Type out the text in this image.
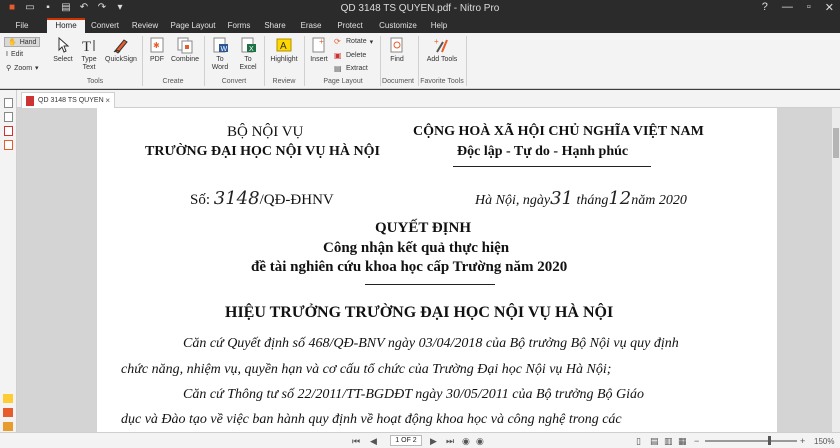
■ ▭	▪	▤ ↶ ↷	▾	QD 3148 TS QUYEN.pdf - Nitro Pro	? — ▫ ✕
File	Home	Convert	Review	Page Layout	Forms	Share	Erase	Protect	Customize	Help
✋ Hand
I Edit
⚲ Zoom ▾
Select
T
Type Text
QuickSign
Tools
✱
PDF Combine
Create
W
To Word
X
To Excel
Convert
A
Highlight
Review
+
Insert
⟳ Rotate ▾
▣ Delete
▤ Extract
Page Layout
Find
Document
+
Add Tools
Favorite Tools
QD 3148 TS QUYEN ×
BỘ NỘI VỤ
TRƯỜNG ĐẠI HỌC NỘI VỤ HÀ NỘI
CỘNG HOÀ XÃ HỘI CHỦ NGHĨA VIỆT NAM
Độc lập - Tự do - Hạnh phúc
Số: 3148/QĐ-ĐHNV	Hà Nội, ngày31 tháng12năm 2020
QUYẾT ĐỊNH
Công nhận kết quả thực hiện
đề tài nghiên cứu khoa học cấp Trường năm 2020
HIỆU TRƯỞNG TRƯỜNG ĐẠI HỌC NỘI VỤ HÀ NỘI
Căn cứ Quyết định số 468/QĐ-BNV ngày 03/04/2018 của Bộ trưởng Bộ Nội vụ quy định
chức năng, nhiệm vụ, quyền hạn và cơ cấu tổ chức của Trường Đại học Nội vụ Hà Nội;
Căn cứ Thông tư số 22/2011/TT-BGDĐT ngày 30/05/2011 của Bộ trưởng Bộ Giáo
dục và Đào tạo về việc ban hành quy định về hoạt động khoa học và công nghệ trong các
⏮ ◀	1 OF 2	▶ ⏭ ◉ ◉	▯ ▤ ▥ ▦ −	+ 150%
